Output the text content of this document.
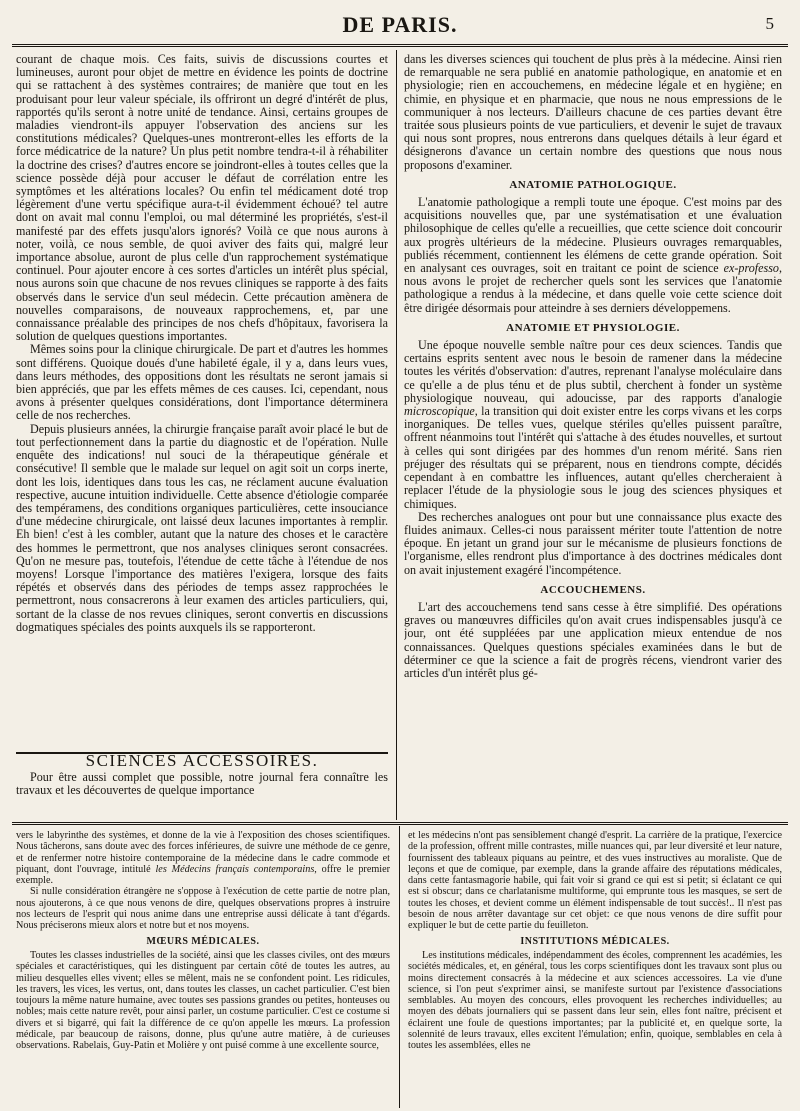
DE PARIS.	5

courant de chaque mois. Ces faits, suivis de discussions courtes et lumineuses, auront pour objet de mettre en évidence les points de doctrine qui se rattachent à des systèmes contraires; de manière que tout en les produisant pour leur valeur spéciale, ils offriront un degré d'intérêt de plus, rapportés qu'ils seront à notre unité de tendance. Ainsi, certains groupes de maladies viendront-ils appuyer l'observation des anciens sur les constitutions médicales? Quelques-unes montreront-elles les efforts de la force médicatrice de la nature? Un plus petit nombre tendra-t-il à réhabiliter la doctrine des crises? d'autres encore se joindront-elles à toutes celles que la science possède déjà pour accuser le défaut de corrélation entre les symptômes et les altérations locales? Ou enfin tel médicament doté trop légèrement d'une vertu spécifique aura-t-il évidemment échoué? tel autre dont on avait mal connu l'emploi, ou mal déterminé les propriétés, s'est-il manifesté par des effets jusqu'alors ignorés? Voilà ce que nous aurons à noter, voilà, ce nous semble, de quoi aviver des faits qui, malgré leur importance absolue, auront de plus celle d'un rapprochement systématique continuel. Pour ajouter encore à ces sortes d'articles un intérêt plus spécial, nous aurons soin que chacune de nos revues cliniques se rapporte à des faits observés dans le service d'un seul médecin. Cette précaution amènera de nouvelles comparaisons, de nouveaux rapprochemens, et, par une connaissance préalable des principes de nos chefs d'hôpitaux, favorisera la solution de quelques questions importantes.

Mêmes soins pour la clinique chirurgicale. De part et d'autres les hommes sont différens. Quoique doués d'une habileté égale, il y a, dans leurs vues, dans leurs méthodes, des oppositions dont les résultats ne seront jamais si bien appréciés, que par les effets mêmes de ces causes. Ici, cependant, nous avons à présenter quelques considérations, dont l'importance déterminera celle de nos recherches.

Depuis plusieurs années, la chirurgie française paraît avoir placé le but de tout perfectionnement dans la partie du diagnostic et de l'opération. Nulle enquête des indications! nul souci de la thérapeutique générale et consécutive! Il semble que le malade sur lequel on agit soit un corps inerte, dont les lois, identiques dans tous les cas, ne réclament aucune évaluation respective, aucune intuition individuelle. Cette absence d'étiologie comparée des tempéramens, des conditions organiques particulières, cette insouciance d'une médecine chirurgicale, ont laissé deux lacunes importantes à remplir. Eh bien! c'est à les combler, autant que la nature des choses et le caractère des hommes le permettront, que nos analyses cliniques seront consacrées. Qu'on ne mesure pas, toutefois, l'étendue de cette tâche à l'étendue de nos moyens! Lorsque l'importance des matières l'exigera, lorsque des faits répétés et observés dans des périodes de temps assez rapprochées le permettront, nous consacrerons à leur examen des articles particuliers, qui, sortant de la classe de nos revues cliniques, seront convertis en discussions dogmatiques spéciales des points auxquels ils se rapporteront.

SCIENCES ACCESSOIRES.

Pour être aussi complet que possible, notre journal fera connaître les travaux et les découvertes de quelque importance

dans les diverses sciences qui touchent de plus près à la médecine. Ainsi rien de remarquable ne sera publié en anatomie pathologique, en anatomie et en physiologie; rien en accouchemens, en médecine légale et en hygiène; en chimie, en physique et en pharmacie, que nous ne nous empressions de le communiquer à nos lecteurs. D'ailleurs chacune de ces parties devant être traitée sous plusieurs points de vue particuliers, et devenir le sujet de travaux qui nous sont propres, nous entrerons dans quelques détails à leur égard et désignerons d'avance un certain nombre des questions que nous nous proposons d'examiner.

ANATOMIE PATHOLOGIQUE.

L'anatomie pathologique a rempli toute une époque. C'est moins par des acquisitions nouvelles que, par une systématisation et une évaluation philosophique de celles qu'elle a recueillies, que cette science doit concourir aux progrès ultérieurs de la médecine. Plusieurs ouvrages remarquables, publiés récemment, contiennent les élémens de cette grande opération. Soit en analysant ces ouvrages, soit en traitant ce point de science ex-professo, nous avons le projet de rechercher quels sont les services que l'anatomie pathologique a rendus à la médecine, et dans quelle voie cette science doit être dirigée désormais pour atteindre à ses derniers développemens.

ANATOMIE ET PHYSIOLOGIE.

Une époque nouvelle semble naître pour ces deux sciences. Tandis que certains esprits sentent avec nous le besoin de ramener dans la médecine toutes les vérités d'observation: d'autres, reprenant l'analyse moléculaire dans ce qu'elle a de plus ténu et de plus subtil, cherchent à fonder un système physiologique nouveau, qui adoucisse, par des rapports d'analogie microscopique, la transition qui doit exister entre les corps vivans et les corps inorganiques. De telles vues, quelque stériles qu'elles puissent paraître, offrent néanmoins tout l'intérêt qui s'attache à des études nouvelles, et surtout à celles qui sont dirigées par des hommes d'un renom mérité. Sans rien préjuger des résultats qui se préparent, nous en tiendrons compte, décidés cependant à en combattre les influences, autant qu'elles chercheraient à replacer l'étude de la physiologie sous le joug des sciences physiques et chimiques.

Des recherches analogues ont pour but une connaissance plus exacte des fluides animaux. Celles-ci nous paraissent mériter toute l'attention de notre époque. En jetant un grand jour sur le mécanisme de plusieurs fonctions de l'organisme, elles rendront plus d'importance à des doctrines médicales dont on avait injustement exagéré l'incompétence.

ACCOUCHEMENS.

L'art des accouchemens tend sans cesse à être simplifié. Des opérations graves ou manœuvres difficiles qu'on avait crues indispensables jusqu'à ce jour, ont été suppléées par une application mieux entendue de nos connaissances. Quelques questions spéciales examinées dans le but de déterminer ce que la science a fait de progrès récens, viendront varier des articles d'un intérêt plus gé-

vers le labyrinthe des systèmes, et donne de la vie à l'exposition des choses scientifiques. Nous tâcherons, sans doute avec des forces inférieures, de suivre une méthode de ce genre, et de renfermer notre histoire contemporaine de la médecine dans le cadre commode et piquant, dont l'ouvrage, intitulé les Médecins français contemporains, offre le premier exemple.

Si nulle considération étrangère ne s'oppose à l'exécution de cette partie de notre plan, nous ajouterons, à ce que nous venons de dire, quelques observations propres à instruire nos lecteurs de l'esprit qui nous anime dans une entreprise aussi délicate à tant d'égards. Nous préciserons mieux alors et notre but et nos moyens.

MŒURS MÉDICALES.

Toutes les classes industrielles de la société, ainsi que les classes civiles, ont des mœurs spéciales et caractéristiques, qui les distinguent par certain côté de toutes les autres, au milieu desquelles elles vivent; elles se mêlent, mais ne se confondent point. Les ridicules, les travers, les vices, les vertus, ont, dans toutes les classes, un cachet particulier. C'est bien toujours la même nature humaine, avec toutes ses passions grandes ou petites, honteuses ou nobles; mais cette nature revêt, pour ainsi parler, un costume particulier. C'est ce costume si divers et si bigarré, qui fait la différence de ce qu'on appelle les mœurs. La profession médicale, par beaucoup de raisons, donne, plus qu'une autre matière, à de curieuses observations. Rabelais, Guy-Patin et Molière y ont puisé comme à une excellente source,

et les médecins n'ont pas sensiblement changé d'esprit. La carrière de la pratique, l'exercice de la profession, offrent mille contrastes, mille nuances qui, par leur diversité et leur nature, fournissent des tableaux piquans au peintre, et des vues instructives au moraliste. Que de leçons et que de comique, par exemple, dans la grande affaire des réputations médicales, dans cette fantasmagorie habile, qui fait voir si grand ce qui est si petit; si éclatant ce qui est si obscur; dans ce charlatanisme multiforme, qui emprunte tous les masques, se sert de toutes les choses, et devient comme un élément indispensable de tout succès!.. Il n'est pas besoin de nous arrêter davantage sur cet objet: ce que nous venons de dire suffit pour expliquer le but de cette partie du feuilleton.

INSTITUTIONS MÉDICALES.

Les institutions médicales, indépendamment des écoles, comprennent les académies, les sociétés médicales, et, en général, tous les corps scientifiques dont les travaux sont plus ou moins directement consacrés à la médecine et aux sciences accessoires. La vie d'une science, si l'on peut s'exprimer ainsi, se manifeste surtout par l'existence d'associations semblables. Au moyen des concours, elles provoquent les recherches individuelles; au moyen des débats journaliers qui se passent dans leur sein, elles font naître, précisent et éclairent une foule de questions importantes; par la publicité et, en quelque sorte, la solennité de leurs travaux, elles excitent l'émulation; enfin, quoique, semblables en cela à toutes les assemblées, elles ne
